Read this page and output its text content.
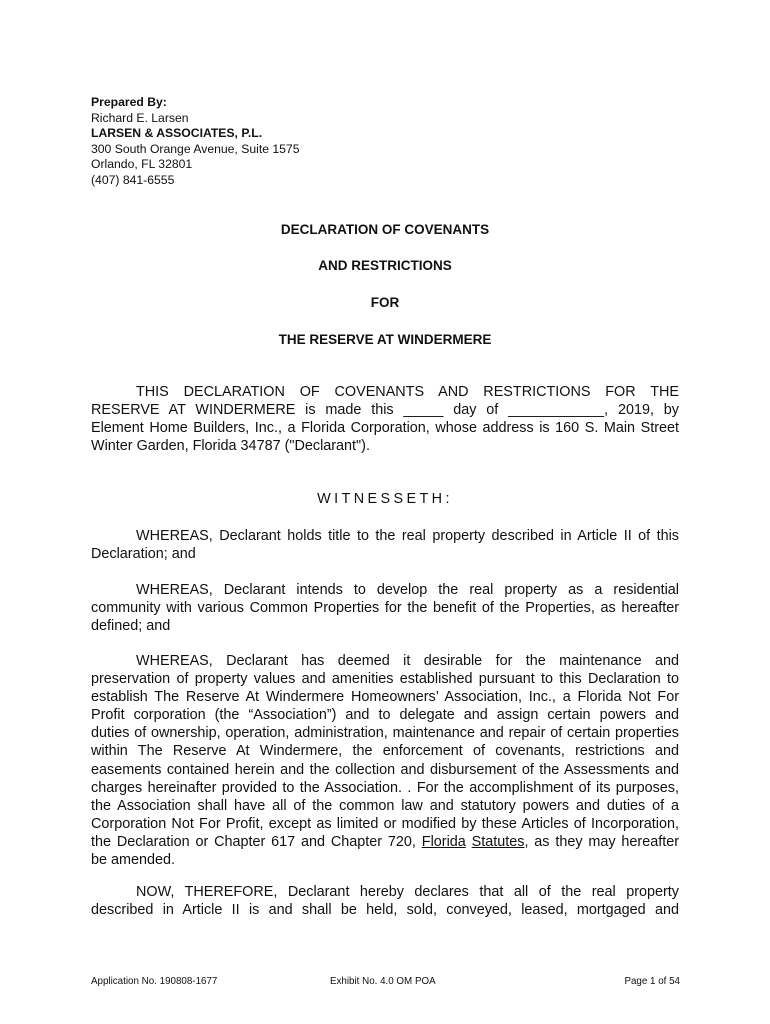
Prepared By:
Richard E. Larsen
LARSEN & ASSOCIATES, P.L.
300 South Orange Avenue, Suite 1575
Orlando, FL 32801
(407) 841-6555
DECLARATION OF COVENANTS
AND RESTRICTIONS
FOR
THE RESERVE AT WINDERMERE
THIS DECLARATION OF COVENANTS AND RESTRICTIONS FOR THE
RESERVE AT WINDERMERE is made this _____ day of ____________, 2019, by
Element Home Builders, Inc., a Florida Corporation, whose address is 160 S. Main Street
Winter Garden, Florida 34787 ("Declarant").
WITNESSETH:
WHEREAS, Declarant holds title to the real property described in Article II of this
Declaration; and
WHEREAS, Declarant intends to develop the real property as a residential
community with various Common Properties for the benefit of the Properties, as hereafter
defined; and
WHEREAS, Declarant has deemed it desirable for the maintenance and
preservation of property values and amenities established pursuant to this Declaration to
establish The Reserve At Windermere Homeowners’ Association, Inc., a Florida Not For
Profit corporation (the “Association”) and to delegate and assign certain powers and
duties of ownership, operation, administration, maintenance and repair of certain properties
within The Reserve At Windermere, the enforcement of covenants, restrictions and
easements contained herein and the collection and disbursement of the Assessments and
charges hereinafter provided to the Association. . For the accomplishment of its purposes,
the Association shall have all of the common law and statutory powers and duties of a
Corporation Not For Profit, except as limited or modified by these Articles of Incorporation,
the Declaration or Chapter 617 and Chapter 720, Florida Statutes, as they may hereafter
be amended.
NOW, THEREFORE, Declarant hereby declares that all of the real property
described in Article II is and shall be held, sold, conveyed, leased, mortgaged and
Application No. 190808-1677	Exhibit No. 4.0 OM POA	Page 1 of 54
